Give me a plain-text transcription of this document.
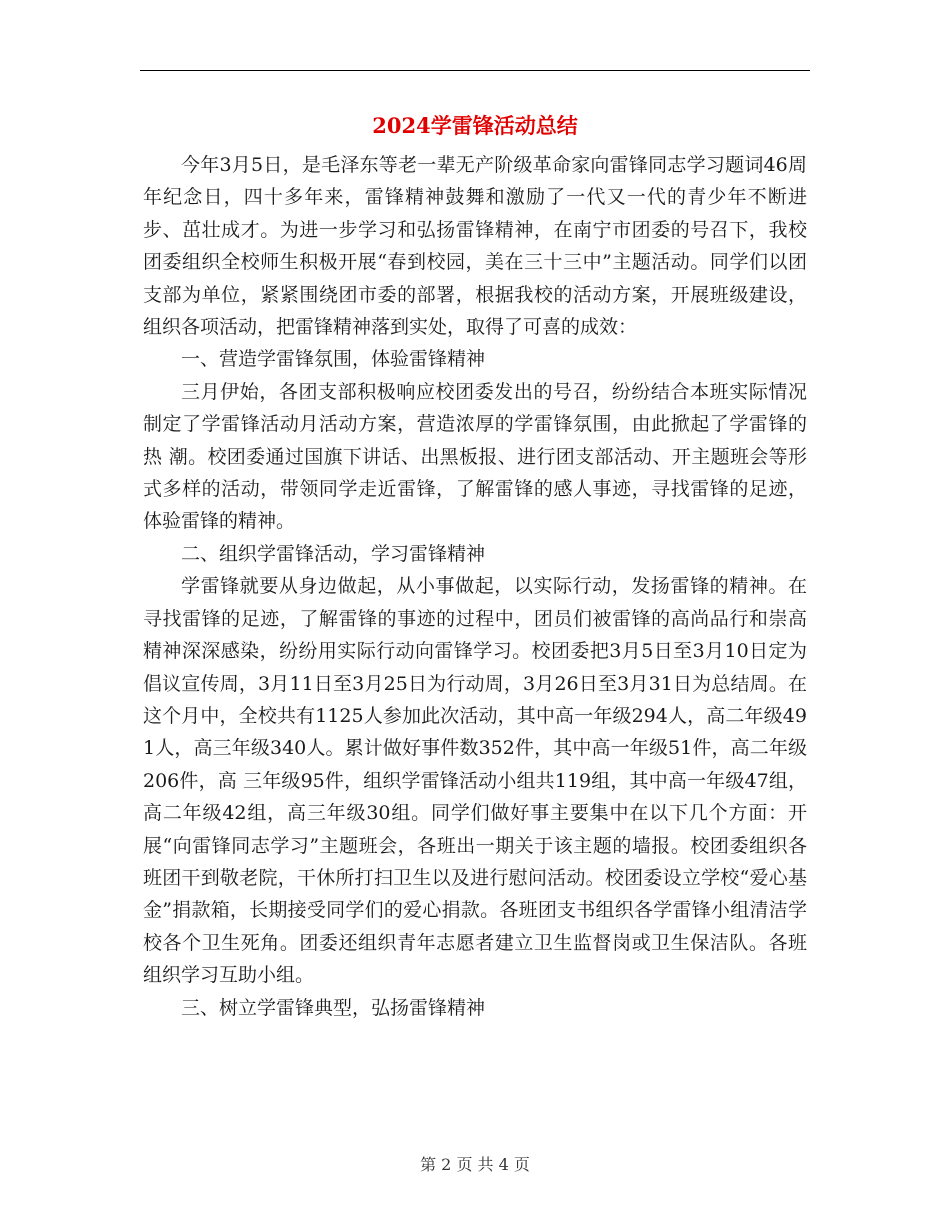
2024学雷锋活动总结

今年3月5日，是毛泽东等老一辈无产阶级革命家向雷锋同志学习题词46周年纪念日，四十多年来，雷锋精神鼓舞和激励了一代又一代的青少年不断进步、茁壮成才。为进一步学习和弘扬雷锋精神，在南宁市团委的号召下，我校团委组织全校师生积极开展“春到校园，美在三十三中”主题活动。同学们以团支部为单位，紧紧围绕团市委的部署，根据我校的活动方案，开展班级建设，组织各项活动，把雷锋精神落到实处，取得了可喜的成效：

一、营造学雷锋氛围，体验雷锋精神

三月伊始，各团支部积极响应校团委发出的号召，纷纷结合本班实际情况制定了学雷锋活动月活动方案，营造浓厚的学雷锋氛围，由此掀起了学雷锋的热 潮。校团委通过国旗下讲话、出黑板报、进行团支部活动、开主题班会等形式多样的活动，带领同学走近雷锋，了解雷锋的感人事迹，寻找雷锋的足迹，体验雷锋的精神。

二、组织学雷锋活动，学习雷锋精神

学雷锋就要从身边做起，从小事做起，以实际行动，发扬雷锋的精神。在寻找雷锋的足迹，了解雷锋的事迹的过程中，团员们被雷锋的高尚品行和崇高精神深深感染，纷纷用实际行动向雷锋学习。校团委把3月5日至3月10日定为倡议宣传周，3月11日至3月25日为行动周，3月26日至3月31日为总结周。在这个月中，全校共有1125人参加此次活动，其中高一年级294人，高二年级491人，高三年级340人。累计做好事件数352件，其中高一年级51件，高二年级206件，高 三年级95件，组织学雷锋活动小组共119组，其中高一年级47组，高二年级42组，高三年级30组。同学们做好事主要集中在以下几个方面：开展“向雷锋同志学习”主题班会，各班出一期关于该主题的墙报。校团委组织各班团干到敬老院，干休所打扫卫生以及进行慰问活动。校团委设立学校“爱心基金”捐款箱，长期接受同学们的爱心捐款。各班团支书组织各学雷锋小组清洁学校各个卫生死角。团委还组织青年志愿者建立卫生监督岗或卫生保洁队。各班组织学习互助小组。

三、树立学雷锋典型，弘扬雷锋精神

第 2 页 共 4 页
